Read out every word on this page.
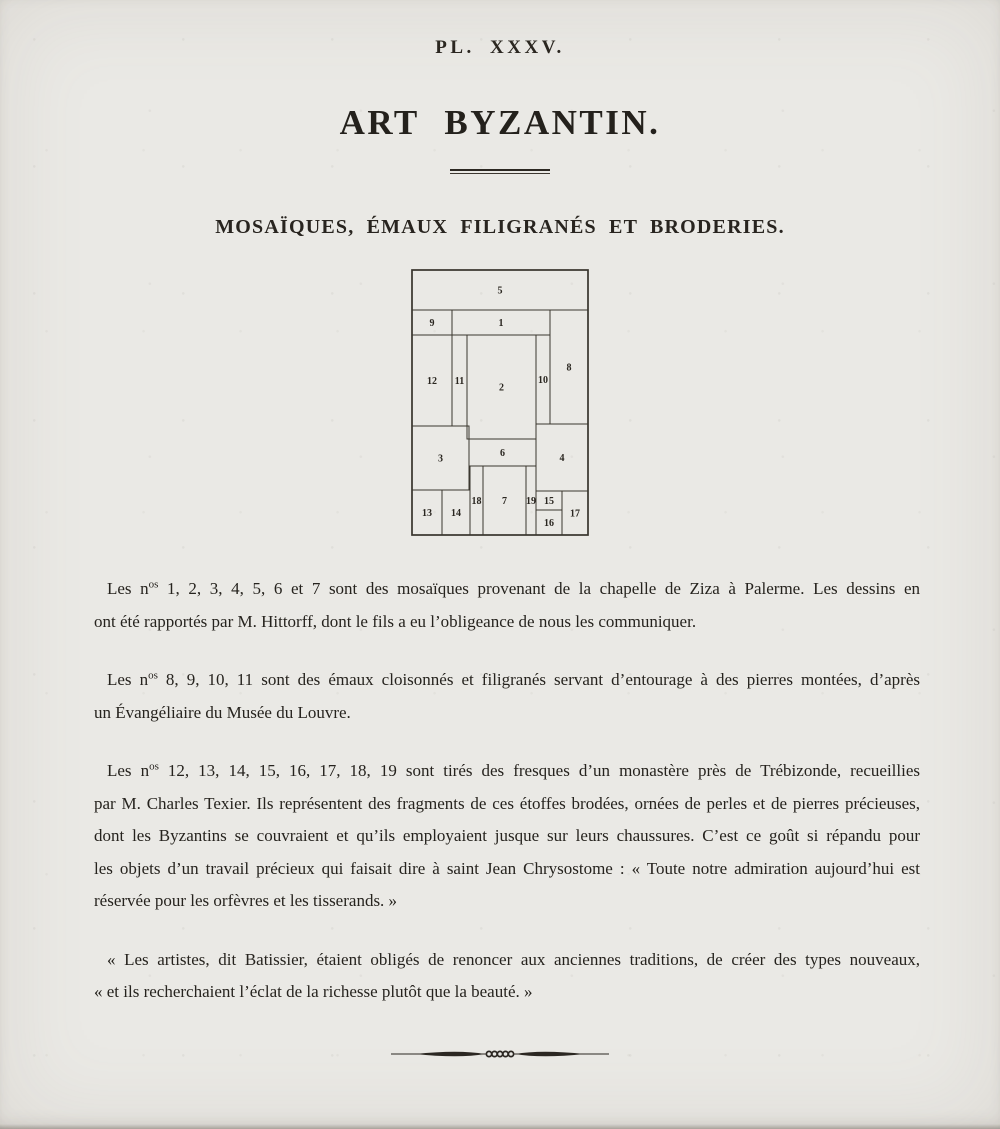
PL. XXXV.
ART BYZANTIN.
MOSAÏQUES, ÉMAUX FILIGRANÉS ET BRODERIES.
5
9	1
8
12 11
2
10
3	6	4
13 14
18 7 19 15
16
17
Les $n^{os}$ 1, 2, 3, 4, 5, 6 et 7 sont des mosaïques provenant de la chapelle de Ziza à Palerme. Les dessins en
ont été rapportés par M. Hittorff, dont le fils a eu l’obligeance de nous les communiquer.
Les $n^{os}$ 8, 9, 10, 11 sont des émaux cloisonnés et filigranés servant d’entourage à des pierres montées, d’après
un Évangéliaire du Musée du Louvre.
Les $n^{os}$ 12, 13, 14, 15, 16, 17, 18, 19 sont tirés des fresques d’un monastère près de Trébizonde, recueillies
par M. Charles Texier. Ils représentent des fragments de ces étoffes brodées, ornées de perles et de pierres précieuses,
dont les Byzantins se couvraient et qu’ils employaient jusque sur leurs chaussures. C’est ce goût si répandu pour
les objets d’un travail précieux qui faisait dire à saint Jean Chrysostome : « Toute notre admiration aujourd’hui est
réservée pour les orfèvres et les tisserands. »
« Les artistes, dit Batissier, étaient obligés de renoncer aux anciennes traditions, de créer des types nouveaux,
« et ils recherchaient l’éclat de la richesse plutôt que la beauté. »
